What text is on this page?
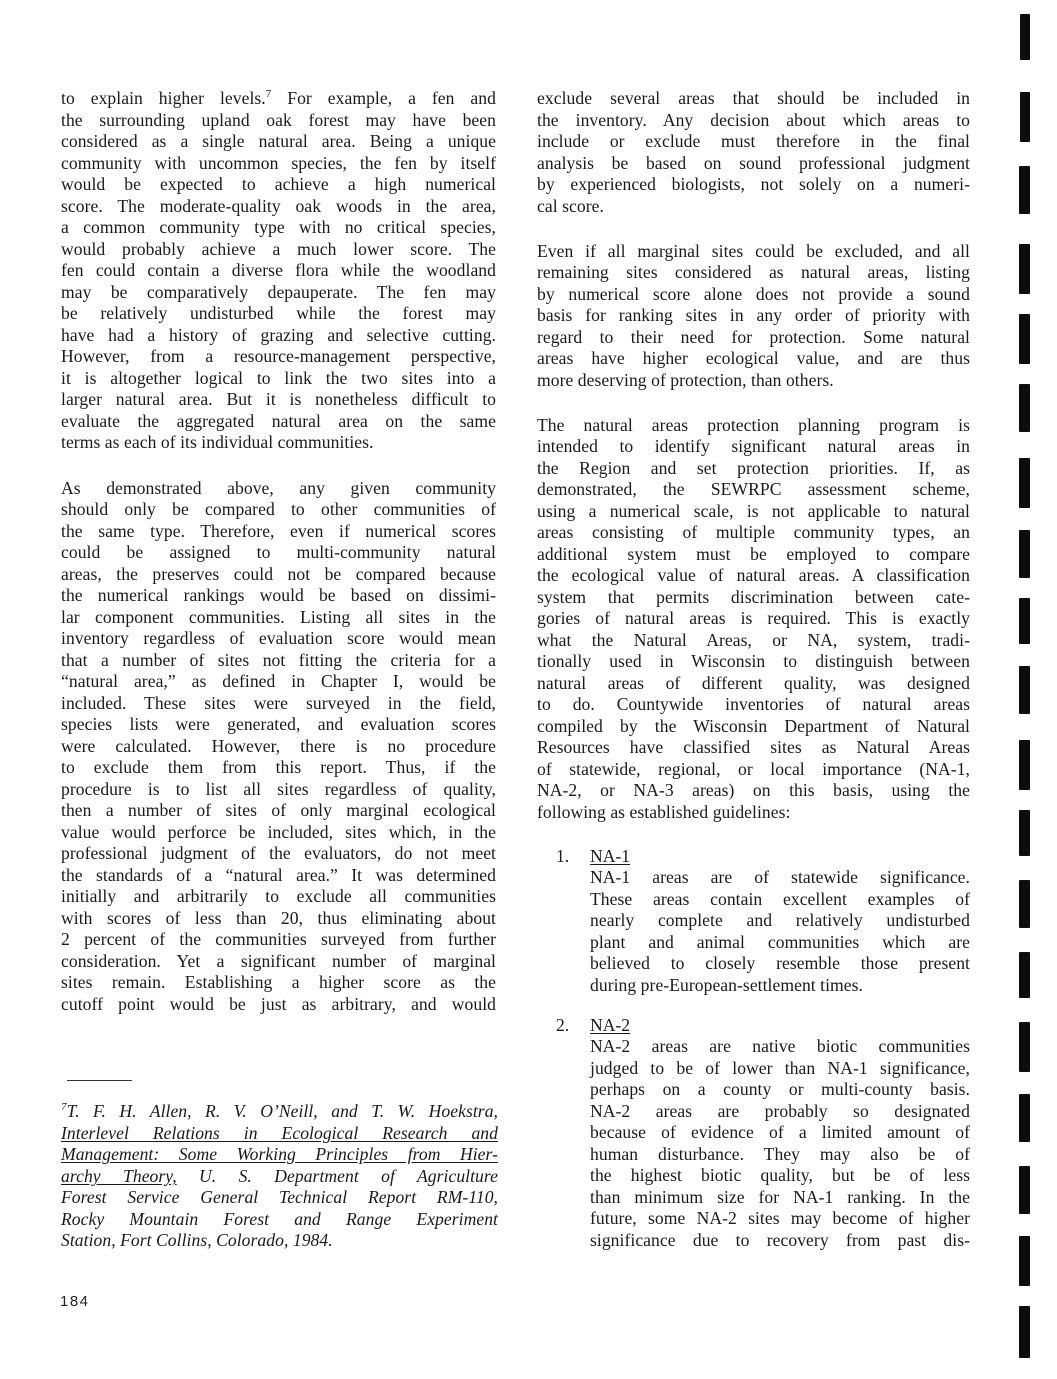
to explain higher levels.$^7$ For example, a fen and
the surrounding upland oak forest may have been
considered as a single natural area. Being a unique
community with uncommon species, the fen by itself
would be expected to achieve a high numerical
score. The moderate-quality oak woods in the area,
a common community type with no critical species,
would probably achieve a much lower score. The
fen could contain a diverse flora while the woodland
may be comparatively depauperate. The fen may
be relatively undisturbed while the forest may
have had a history of grazing and selective cutting.
However, from a resource-management perspective,
it is altogether logical to link the two sites into a
larger natural area. But it is nonetheless difficult to
evaluate the aggregated natural area on the same
terms as each of its individual communities.
As demonstrated above, any given community
should only be compared to other communities of
the same type. Therefore, even if numerical scores
could be assigned to multi-community natural
areas, the preserves could not be compared because
the numerical rankings would be based on dissimi-
lar component communities. Listing all sites in the
inventory regardless of evaluation score would mean
that a number of sites not fitting the criteria for a
“natural area,” as defined in Chapter I, would be
included. These sites were surveyed in the field,
species lists were generated, and evaluation scores
were calculated. However, there is no procedure
to exclude them from this report. Thus, if the
procedure is to list all sites regardless of quality,
then a number of sites of only marginal ecological
value would perforce be included, sites which, in the
professional judgment of the evaluators, do not meet
the standards of a “natural area.” It was determined
initially and arbitrarily to exclude all communities
with scores of less than 20, thus eliminating about
2 percent of the communities surveyed from further
consideration. Yet a significant number of marginal
sites remain. Establishing a higher score as the
cutoff point would be just as arbitrary, and would
$^7$T. F. H. Allen, R. V. O’Neill, and T. W. Hoekstra,
Interlevel Relations in Ecological Research and
Management: Some Working Principles from Hier-
archy Theory, U. S. Department of Agriculture
Forest Service General Technical Report RM-110,
Rocky Mountain Forest and Range Experiment
Station, Fort Collins, Colorado, 1984.
exclude several areas that should be included in
the inventory. Any decision about which areas to
include or exclude must therefore in the final
analysis be based on sound professional judgment
by experienced biologists, not solely on a numeri-
cal score.
Even if all marginal sites could be excluded, and all
remaining sites considered as natural areas, listing
by numerical score alone does not provide a sound
basis for ranking sites in any order of priority with
regard to their need for protection. Some natural
areas have higher ecological value, and are thus
more deserving of protection, than others.
The natural areas protection planning program is
intended to identify significant natural areas in
the Region and set protection priorities. If, as
demonstrated, the SEWRPC assessment scheme,
using a numerical scale, is not applicable to natural
areas consisting of multiple community types, an
additional system must be employed to compare
the ecological value of natural areas. A classification
system that permits discrimination between cate-
gories of natural areas is required. This is exactly
what the Natural Areas, or NA, system, tradi-
tionally used in Wisconsin to distinguish between
natural areas of different quality, was designed
to do. Countywide inventories of natural areas
compiled by the Wisconsin Department of Natural
Resources have classified sites as Natural Areas
of statewide, regional, or local importance (NA-1,
NA-2, or NA-3 areas) on this basis, using the
following as established guidelines:
1. NA-1
NA-1 areas are of statewide significance.
These areas contain excellent examples of
nearly complete and relatively undisturbed
plant and animal communities which are
believed to closely resemble those present
during pre-European-settlement times.
2. NA-2
NA-2 areas are native biotic communities
judged to be of lower than NA-1 significance,
perhaps on a county or multi-county basis.
NA-2 areas are probably so designated
because of evidence of a limited amount of
human disturbance. They may also be of
the highest biotic quality, but be of less
than minimum size for NA-1 ranking. In the
future, some NA-2 sites may become of higher
significance due to recovery from past dis-
184
